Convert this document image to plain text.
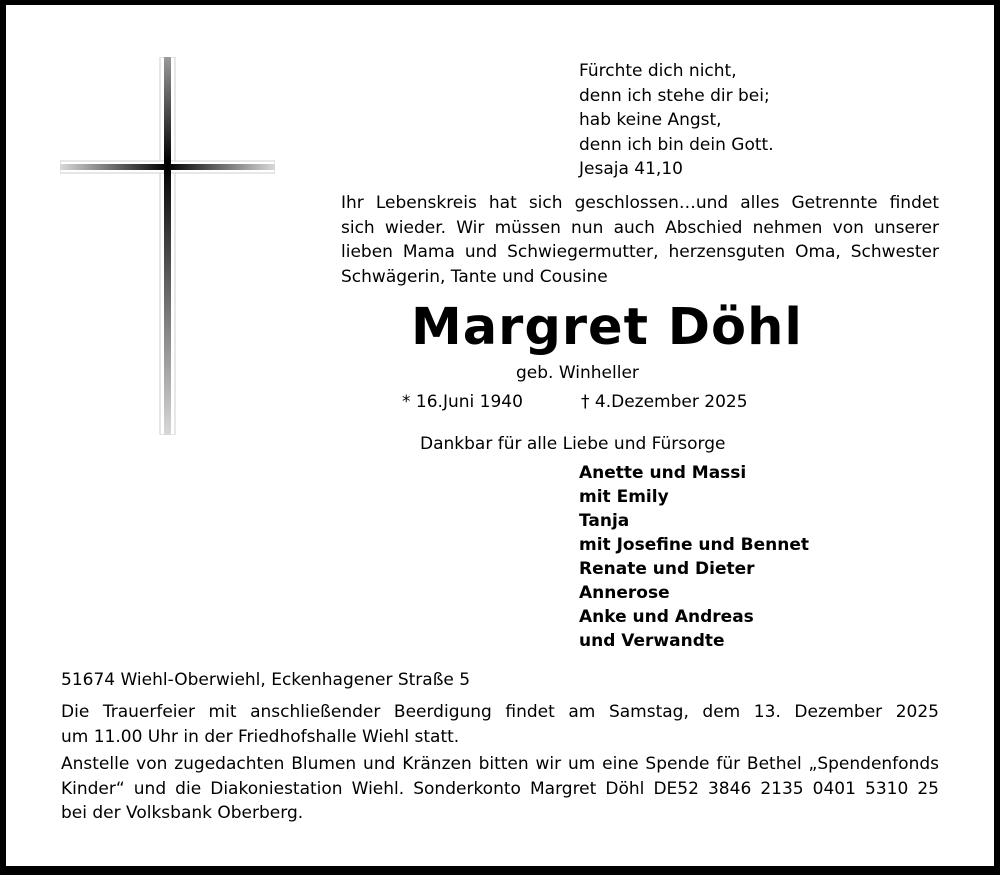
Fürchte dich nicht,
denn ich stehe dir bei;
hab keine Angst,
denn ich bin dein Gott.
Jesaja 41,10
Ihr Lebenskreis hat sich geschlossen…und alles Getrennte findet
sich wieder. Wir müssen nun auch Abschied nehmen von unserer
lieben Mama und Schwiegermutter, herzensguten Oma, Schwester
Schwägerin, Tante und Cousine
Margret Döhl
geb. Winheller
* 16.Juni 1940	† 4.Dezember 2025
Dankbar für alle Liebe und Fürsorge
Anette und Massi
mit Emily
Tanja
mit Josefine und Bennet
Renate und Dieter
Annerose
Anke und Andreas
und Verwandte
51674 Wiehl-Oberwiehl, Eckenhagener Straße 5
Die Trauerfeier mit anschließender Beerdigung findet am Samstag, dem 13. Dezember 2025
um 11.00 Uhr in der Friedhofshalle Wiehl statt.
Anstelle von zugedachten Blumen und Kränzen bitten wir um eine Spende für Bethel „Spendenfonds
Kinder“ und die Diakoniestation Wiehl. Sonderkonto Margret Döhl DE52 3846 2135 0401 5310 25
bei der Volksbank Oberberg.
